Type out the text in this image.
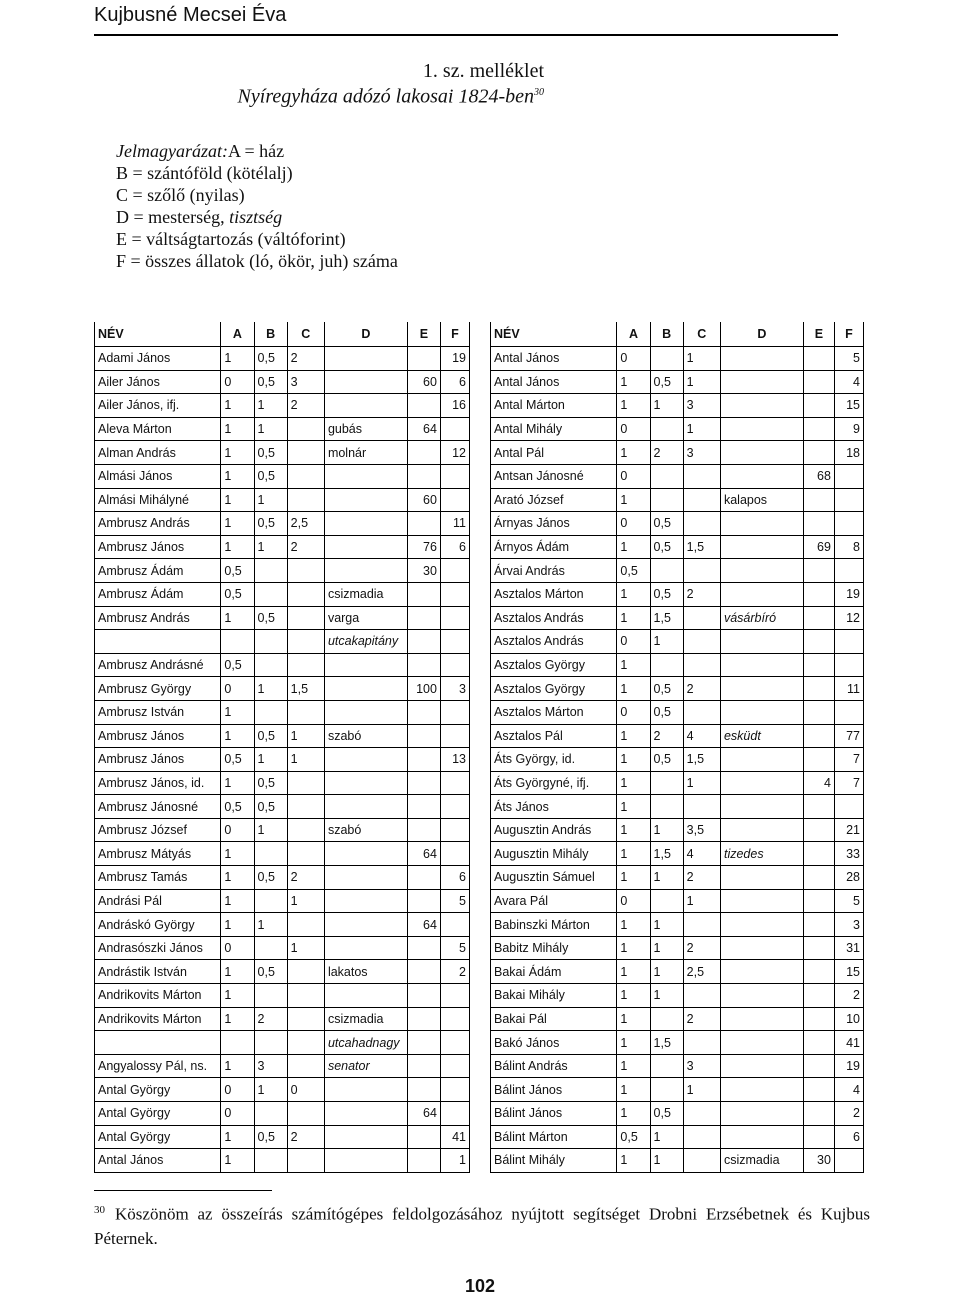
Kujbusné Mecsei Éva
1. sz. melléklet
Nyíregyháza adózó lakosai 1824-ben$^{30}$
Jelmagyarázat:A = ház
B = szántóföld (kötélalj)
C = szőlő (nyilas)
D = mesterség, tisztség
E = váltságtartozás (váltóforint)
F = összes állatok (ló, ökör, juh) száma
NÉV	A	B	C	D	E	F
Adami János	1	0,5	2			19
Ailer János	0	0,5	3		60	6
Ailer János, ifj.	1	1	2			16
Aleva Márton	1	1		gubás	64	
Alman András	1	0,5		molnár		12
Almási János	1	0,5				
Almási Mihályné	1	1			60	
Ambrusz András	1	0,5	2,5			11
Ambrusz János	1	1	2		76	6
Ambrusz Ádám	0,5				30	
Ambrusz Ádám	0,5			csizmadia		
Ambrusz András	1	0,5		varga		
				utcakapitány		
Ambrusz Andrásné	0,5					
Ambrusz György	0	1	1,5		100	3
Ambrusz István	1					
Ambrusz János	1	0,5	1	szabó		
Ambrusz János	0,5	1	1			13
Ambrusz János, id.	1	0,5				
Ambrusz Jánosné	0,5	0,5				
Ambrusz József	0	1		szabó		
Ambrusz Mátyás	1				64	
Ambrusz Tamás	1	0,5	2			6
Andrási Pál	1		1			5
Andráskó György	1	1			64	
Andrasószki János	0		1			5
Andrástik István	1	0,5		lakatos		2
Andrikovits Márton	1					
Andrikovits Márton	1	2		csizmadia		
				utcahadnagy		
Angyalossy Pál, ns.	1	3		senator		
Antal György	0	1	0			
Antal György	0				64	
Antal György	1	0,5	2			41
Antal János	1					1
NÉV	A	B	C	D	E	F
Antal János	0		1			5
Antal János	1	0,5	1			4
Antal Márton	1	1	3			15
Antal Mihály	0		1			9
Antal Pál	1	2	3			18
Antsan Jánosné	0				68	
Arató József	1			kalapos		
Árnyas János	0	0,5				
Árnyos Ádám	1	0,5	1,5		69	8
Árvai András	0,5					
Asztalos Márton	1	0,5	2			19
Asztalos András	1	1,5		vásárbíró		12
Asztalos András	0	1				
Asztalos György	1					
Asztalos György	1	0,5	2			11
Asztalos Márton	0	0,5				
Asztalos Pál	1	2	4	esküdt		77
Áts György, id.	1	0,5	1,5			7
Áts Györgyné, ifj.	1		1		4	7
Áts János	1					
Augusztin András	1	1	3,5			21
Augusztin Mihály	1	1,5	4	tizedes		33
Augusztin Sámuel	1	1	2			28
Avara Pál	0		1			5
Babinszki Márton	1	1				3
Babitz Mihály	1	1	2			31
Bakai Ádám	1	1	2,5			15
Bakai Mihály	1	1				2
Bakai Pál	1		2			10
Bakó János	1	1,5				41
Bálint András	1		3			19
Bálint János	1		1			4
Bálint János	1	0,5				2
Bálint Márton	0,5	1				6
Bálint Mihály	1	1		csizmadia	30	
$^{30}$ Köszönöm az összeírás számítógépes feldolgozásához nyújtott segítséget Drobni Erzsébetnek és Kujbus Péternek.
102
